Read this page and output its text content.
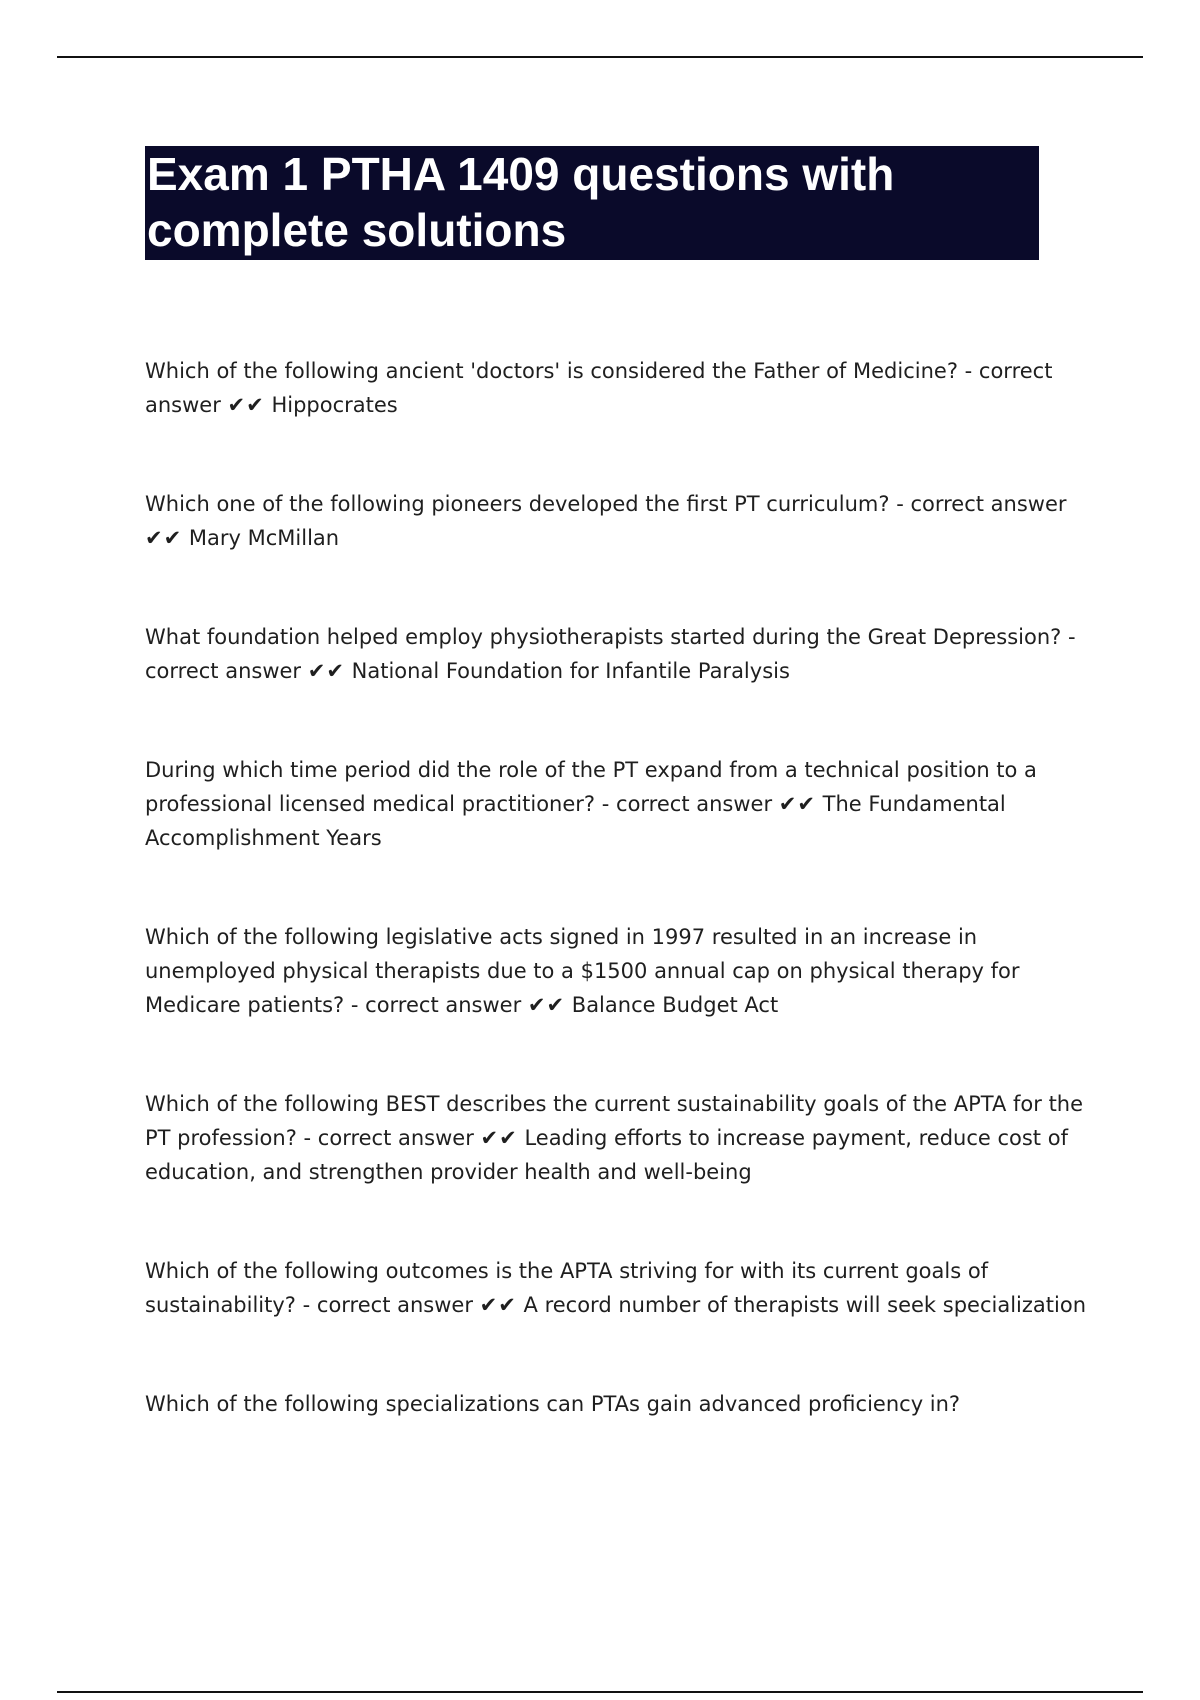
Exam 1 PTHA 1409 questions with complete solutions

Which of the following ancient 'doctors' is considered the Father of Medicine? - correct answer ✔✔ Hippocrates

Which one of the following pioneers developed the first PT curriculum? - correct answer ✔✔ Mary McMillan

What foundation helped employ physiotherapists started during the Great Depression? - correct answer ✔✔ National Foundation for Infantile Paralysis

During which time period did the role of the PT expand from a technical position to a professional licensed medical practitioner? - correct answer ✔✔ The Fundamental Accomplishment Years

Which of the following legislative acts signed in 1997 resulted in an increase in unemployed physical therapists due to a $1500 annual cap on physical therapy for Medicare patients? - correct answer ✔✔ Balance Budget Act

Which of the following BEST describes the current sustainability goals of the APTA for the PT profession? - correct answer ✔✔ Leading efforts to increase payment, reduce cost of education, and strengthen provider health and well-being

Which of the following outcomes is the APTA striving for with its current goals of sustainability? - correct answer ✔✔ A record number of therapists will seek specialization

Which of the following specializations can PTAs gain advanced proficiency in?
